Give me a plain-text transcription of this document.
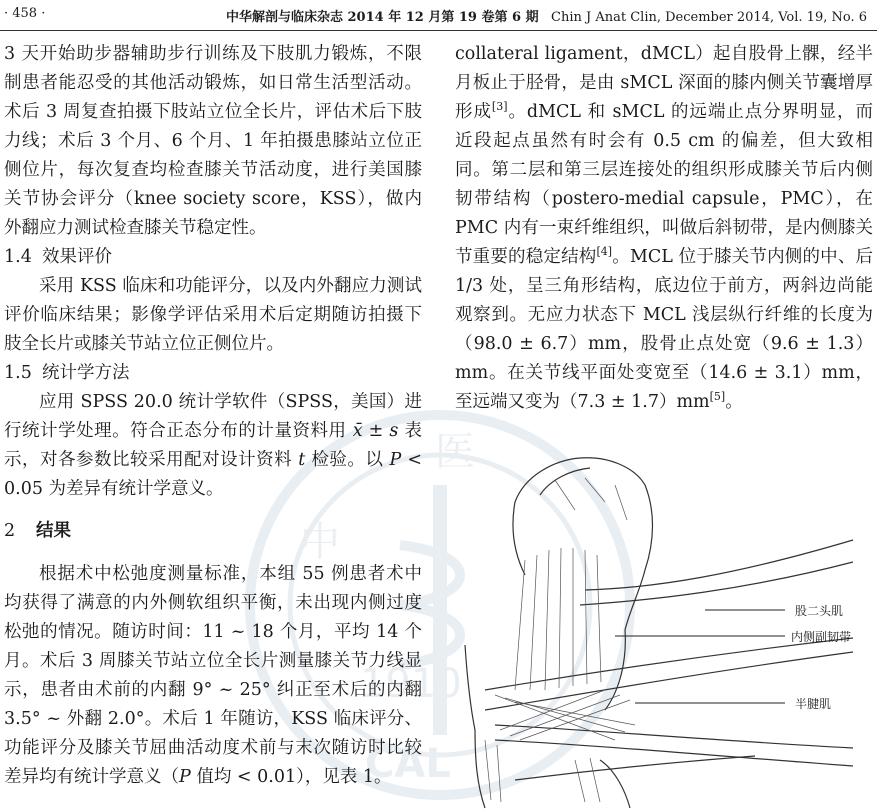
· 458 ·	中华解剖与临床杂志 2014 年 12 月第 19 卷第 6 期 Chin J Anat Clin, December 2014, Vol. 19, No. 6
医
中
1910
CAL

3 天开始助步器辅助步行训练及下肢肌力锻炼，不限制患者能忍受的其他活动锻炼，如日常生活型活动。术后 3 周复查拍摄下肢站立位全长片，评估术后下肢力线；术后 3 个月、6 个月、1 年拍摄患膝站立位正侧位片，每次复查均检查膝关节活动度，进行美国膝关节协会评分（knee society score，KSS），做内外翻应力测试检查膝关节稳定性。

1.4 效果评价

采用 KSS 临床和功能评分，以及内外翻应力测试评价临床结果；影像学评估采用术后定期随访拍摄下肢全长片或膝关节站立位正侧位片。

1.5 统计学方法

应用 SPSS 20.0 统计学软件（SPSS，美国）进行统计学处理。符合正态分布的计量资料用 x̄ ± s 表示，对各参数比较采用配对设计资料 t 检验。以 P < 0.05 为差异有统计学意义。

2 结果

根据术中松弛度测量标准，本组 55 例患者术中均获得了满意的内外侧软组织平衡，未出现内侧过度松弛的情况。随访时间：11 ~ 18 个月，平均 14 个月。术后 3 周膝关节站立位全长片测量膝关节力线显示，患者由术前的内翻 9° ~ 25° 纠正至术后的内翻 3.5° ~ 外翻 2.0°。术后 1 年随访，KSS 临床评分、功能评分及膝关节屈曲活动度术前与末次随访时比较差异均有统计学意义（P 值均 < 0.01），见表 1。

collateral ligament，dMCL）起自股骨上髁，经半月板止于胫骨，是由 sMCL 深面的膝内侧关节囊增厚形成[3]。dMCL 和 sMCL 的远端止点分界明显，而近段起点虽然有时会有 0.5 cm 的偏差，但大致相同。第二层和第三层连接处的组织形成膝关节后内侧韧带结构（postero-medial capsule，PMC），在 PMC 内有一束纤维组织，叫做后斜韧带，是内侧膝关节重要的稳定结构[4]。MCL 位于膝关节内侧的中、后 1/3 处，呈三角形结构，底边位于前方，两斜边尚能观察到。无应力状态下 MCL 浅层纵行纤维的长度为（98.0 ± 6.7）mm，股骨止点处宽（9.6 ± 1.3）mm。在关节线平面处变宽至（14.6 ± 3.1）mm，至远端又变为（7.3 ± 1.7）mm[5]。

股二头肌
内侧副韧带
半腱肌
